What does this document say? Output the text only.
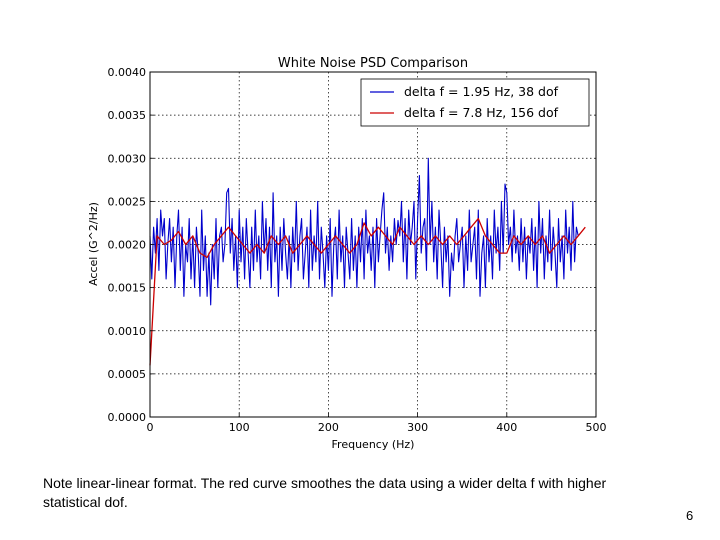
0	100	200	300	400	500
0.0000
0.0005
0.0010
0.0015
0.0020
0.0025
0.0030
0.0035
0.0040
White Noise PSD Comparison
Frequency (Hz)
Accel (G^2/Hz)
delta f = 1.95 Hz, 38 dof
delta f = 7.8 Hz, 156 dof
Note linear-linear format. The red curve smoothes the data using a wider delta f with higher statistical dof.
6
